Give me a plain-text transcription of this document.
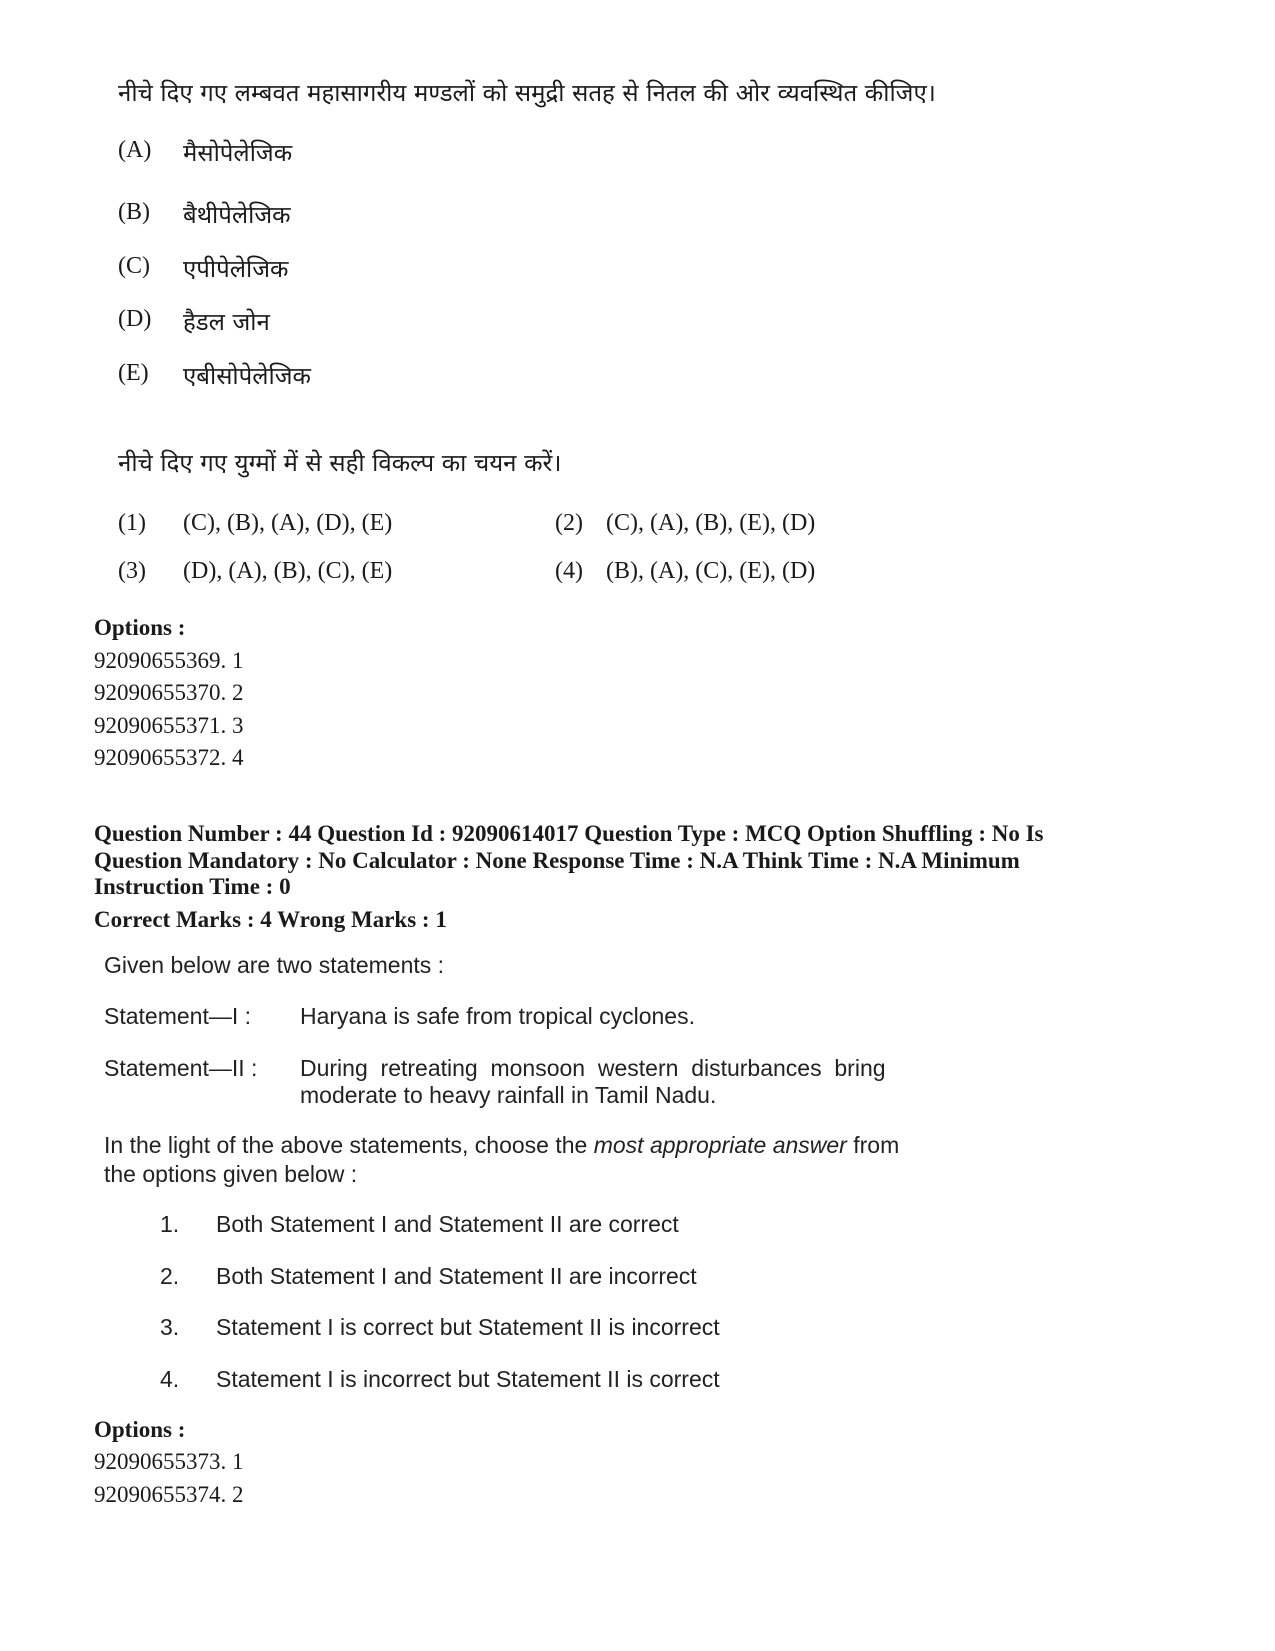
नीचे दिए गए लम्बवत महासागरीय मण्डलों को समुद्री सतह से नितल की ओर व्यवस्थित कीजिए।
(A) मैसोपेलेजिक
(B) बैथीपेलेजिक
(C) एपीपेलेजिक
(D) हैडल जोन
(E) एबीसोपेलेजिक
नीचे दिए गए युग्मों में से सही विकल्प का चयन करें।
(1) (C), (B), (A), (D), (E)	(2) (C), (A), (B), (E), (D)
(3) (D), (A), (B), (C), (E)	(4) (B), (A), (C), (E), (D)
Options :
92090655369. 1
92090655370. 2
92090655371. 3
92090655372. 4
Question Number : 44 Question Id : 92090614017 Question Type : MCQ Option Shuffling : No Is
Question Mandatory : No Calculator : None Response Time : N.A Think Time : N.A Minimum
Instruction Time : 0
Correct Marks : 4 Wrong Marks : 1
Given below are two statements :
Statement—I : Haryana is safe from tropical cyclones.
Statement—II : During  retreating  monsoon  western  disturbances  bring
moderate to heavy rainfall in Tamil Nadu.
In the light of the above statements, choose the most appropriate answer from
the options given below :
1. Both Statement I and Statement II are correct
2. Both Statement I and Statement II are incorrect
3. Statement I is correct but Statement II is incorrect
4. Statement I is incorrect but Statement II is correct
Options :
92090655373. 1
92090655374. 2
